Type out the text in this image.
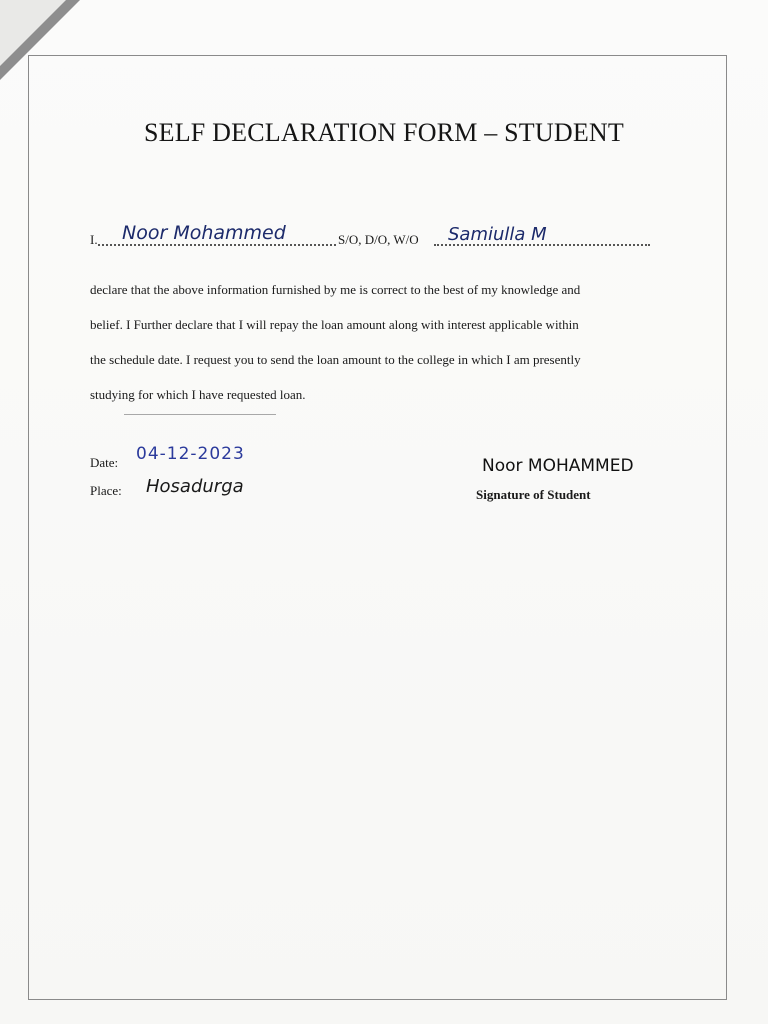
SELF DECLARATION FORM – STUDENT
I. Noor Mohammed	S/O, D/O, W/O Samiulla M

declare that the above information furnished by me is correct to the best of my knowledge and

belief. I Further declare that I will repay the loan amount along with interest applicable within

the schedule date. I request you to send the loan amount to the college in which I am presently

studying for which I have requested loan.

Date: 04-12-2023
Place: Hosadurga
Noor MOHAMMED
Signature of Student
